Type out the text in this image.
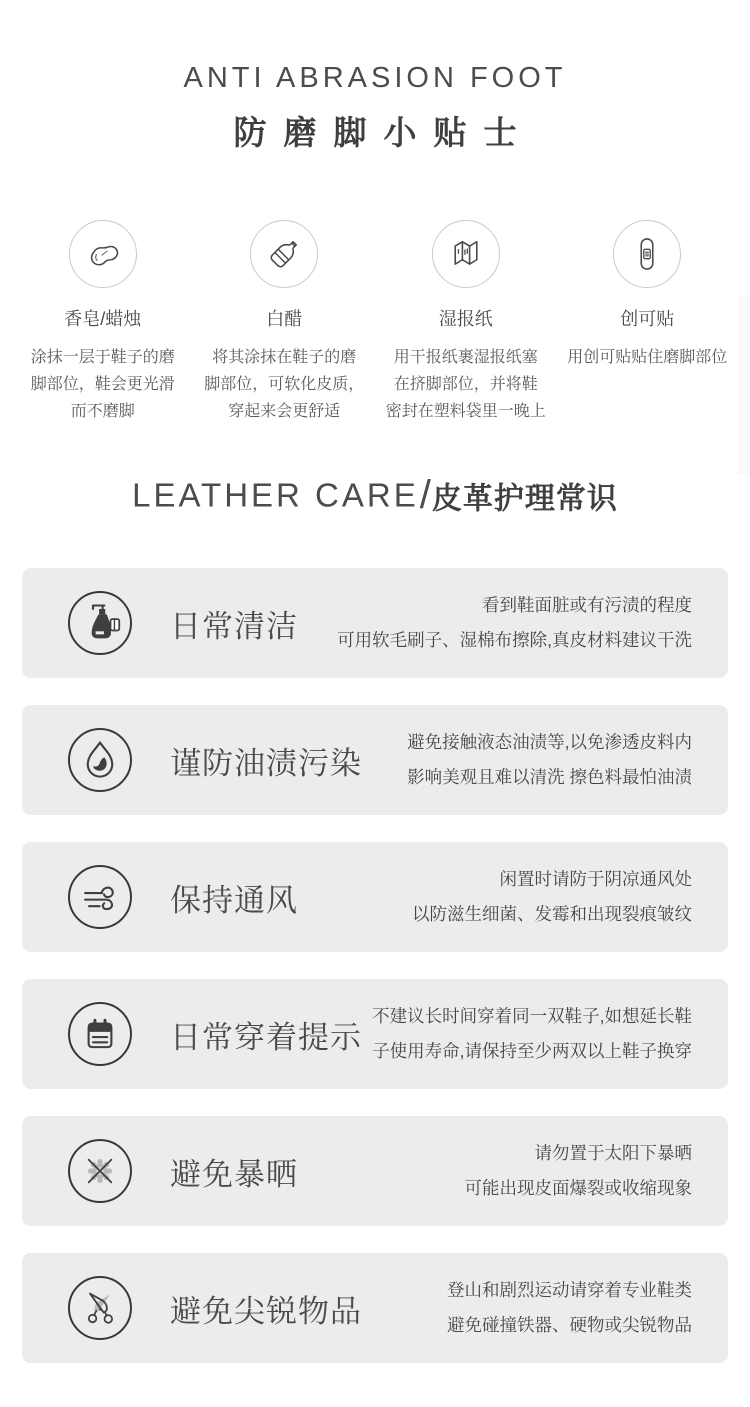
ANTI ABRASION FOOT
防磨脚小贴士
香皂/蜡烛
涂抹一层于鞋子的磨
脚部位，鞋会更光滑
而不磨脚
白醋
将其涂抹在鞋子的磨
脚部位，可软化皮质，
穿起来会更舒适
湿报纸
用干报纸裹湿报纸塞
在挤脚部位，并将鞋
密封在塑料袋里一晚上
创可贴
用创可贴贴住磨脚部位
LEATHER CARE/皮革护理常识
日常清洁
看到鞋面脏或有污渍的程度
可用软毛刷子、湿棉布擦除,真皮材料建议干洗
谨防油渍污染
避免接触液态油渍等,以免渗透皮料内
影响美观且难以清洗 擦色料最怕油渍
保持通风
闲置时请防于阴凉通风处
以防滋生细菌、发霉和出现裂痕皱纹
日常穿着提示
不建议长时间穿着同一双鞋子,如想延长鞋
子使用寿命,请保持至少两双以上鞋子换穿
避免暴晒
请勿置于太阳下暴晒
可能出现皮面爆裂或收缩现象
避免尖锐物品
登山和剧烈运动请穿着专业鞋类
避免碰撞铁器、硬物或尖锐物品
